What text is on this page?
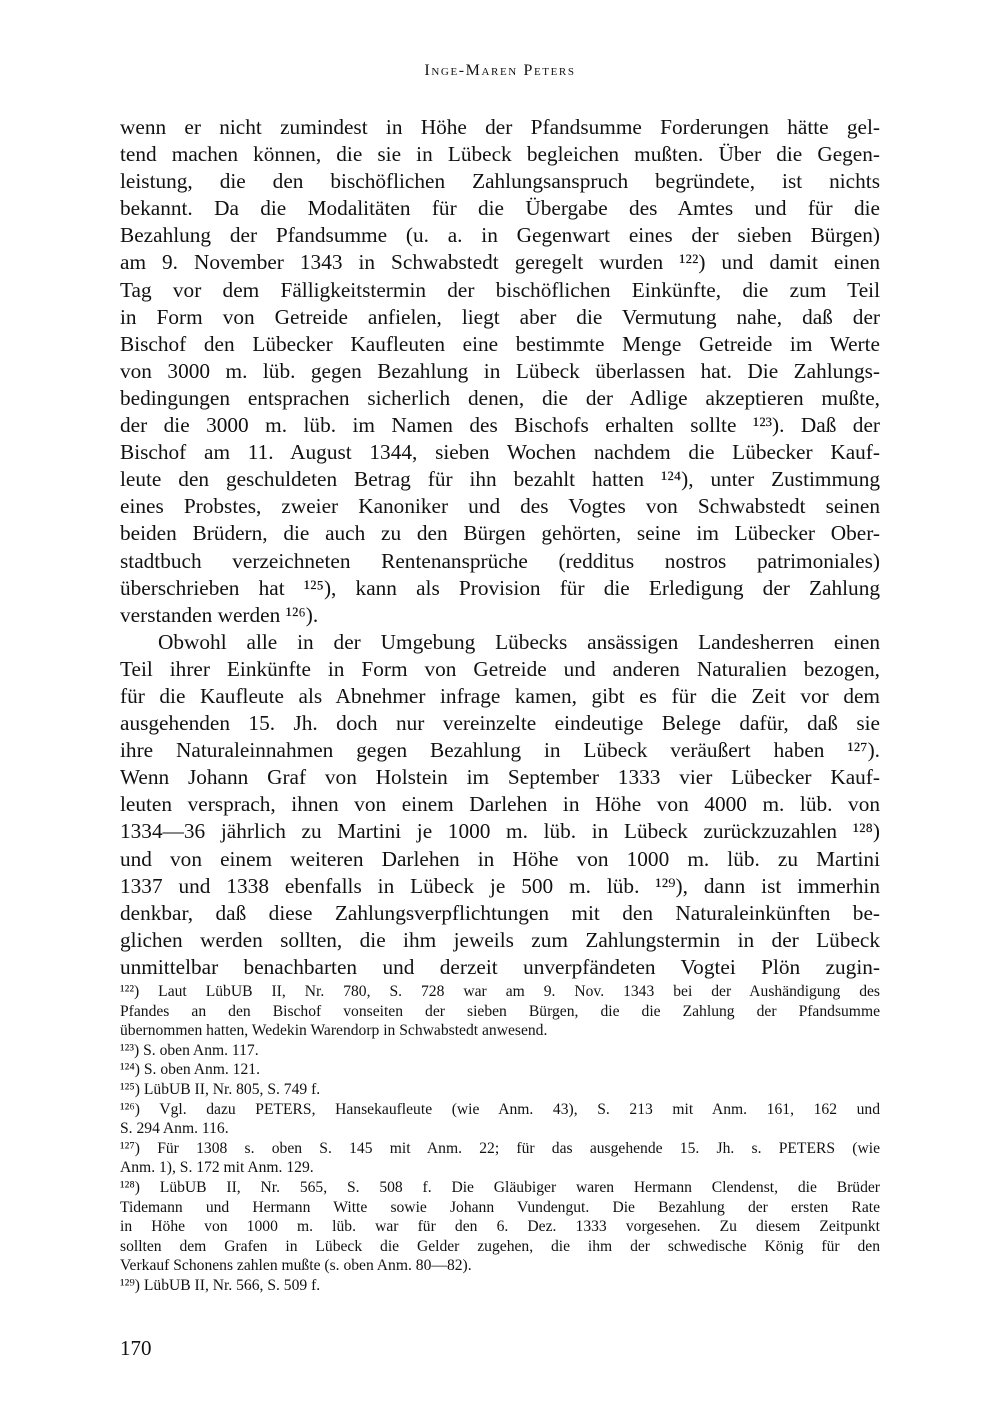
Inge-Maren Peters
wenn er nicht zumindest in Höhe der Pfandsumme Forderungen hätte gel-
tend machen können, die sie in Lübeck begleichen mußten. Über die Gegen-
leistung, die den bischöflichen Zahlungsanspruch begründete, ist nichts
bekannt. Da die Modalitäten für die Übergabe des Amtes und für die
Bezahlung der Pfandsumme (u. a. in Gegenwart eines der sieben Bürgen)
am 9. November 1343 in Schwabstedt geregelt wurden ¹²²) und damit einen
Tag vor dem Fälligkeitstermin der bischöflichen Einkünfte, die zum Teil
in Form von Getreide anfielen, liegt aber die Vermutung nahe, daß der
Bischof den Lübecker Kaufleuten eine bestimmte Menge Getreide im Werte
von 3000 m. lüb. gegen Bezahlung in Lübeck überlassen hat. Die Zahlungs-
bedingungen entsprachen sicherlich denen, die der Adlige akzeptieren mußte,
der die 3000 m. lüb. im Namen des Bischofs erhalten sollte ¹²³). Daß der
Bischof am 11. August 1344, sieben Wochen nachdem die Lübecker Kauf-
leute den geschuldeten Betrag für ihn bezahlt hatten ¹²⁴), unter Zustimmung
eines Probstes, zweier Kanoniker und des Vogtes von Schwabstedt seinen
beiden Brüdern, die auch zu den Bürgen gehörten, seine im Lübecker Ober-
stadtbuch verzeichneten Rentenansprüche (redditus nostros patrimoniales)
überschrieben hat ¹²⁵), kann als Provision für die Erledigung der Zahlung
verstanden werden ¹²⁶).
Obwohl alle in der Umgebung Lübecks ansässigen Landesherren einen
Teil ihrer Einkünfte in Form von Getreide und anderen Naturalien bezogen,
für die Kaufleute als Abnehmer infrage kamen, gibt es für die Zeit vor dem
ausgehenden 15. Jh. doch nur vereinzelte eindeutige Belege dafür, daß sie
ihre Naturaleinnahmen gegen Bezahlung in Lübeck veräußert haben ¹²⁷).
Wenn Johann Graf von Holstein im September 1333 vier Lübecker Kauf-
leuten versprach, ihnen von einem Darlehen in Höhe von 4000 m. lüb. von
1334—36 jährlich zu Martini je 1000 m. lüb. in Lübeck zurückzuzahlen ¹²⁸)
und von einem weiteren Darlehen in Höhe von 1000 m. lüb. zu Martini
1337 und 1338 ebenfalls in Lübeck je 500 m. lüb. ¹²⁹), dann ist immerhin
denkbar, daß diese Zahlungsverpflichtungen mit den Naturaleinkünften be-
glichen werden sollten, die ihm jeweils zum Zahlungstermin in der Lübeck
unmittelbar benachbarten und derzeit unverpfändeten Vogtei Plön zugin-
¹²²) Laut LübUB II, Nr. 780, S. 728 war am 9. Nov. 1343 bei der Aushändigung des
Pfandes an den Bischof vonseiten der sieben Bürgen, die die Zahlung der Pfandsumme
übernommen hatten, Wedekin Warendorp in Schwabstedt anwesend.
¹²³) S. oben Anm. 117.
¹²⁴) S. oben Anm. 121.
¹²⁵) LübUB II, Nr. 805, S. 749 f.
¹²⁶) Vgl. dazu PETERS, Hansekaufleute (wie Anm. 43), S. 213 mit Anm. 161, 162 und
S. 294 Anm. 116.
¹²⁷) Für 1308 s. oben S. 145 mit Anm. 22; für das ausgehende 15. Jh. s. PETERS (wie
Anm. 1), S. 172 mit Anm. 129.
¹²⁸) LübUB II, Nr. 565, S. 508 f. Die Gläubiger waren Hermann Clendenst, die Brüder
Tidemann und Hermann Witte sowie Johann Vundengut. Die Bezahlung der ersten Rate
in Höhe von 1000 m. lüb. war für den 6. Dez. 1333 vorgesehen. Zu diesem Zeitpunkt
sollten dem Grafen in Lübeck die Gelder zugehen, die ihm der schwedische König für den
Verkauf Schonens zahlen mußte (s. oben Anm. 80—82).
¹²⁹) LübUB II, Nr. 566, S. 509 f.
170
